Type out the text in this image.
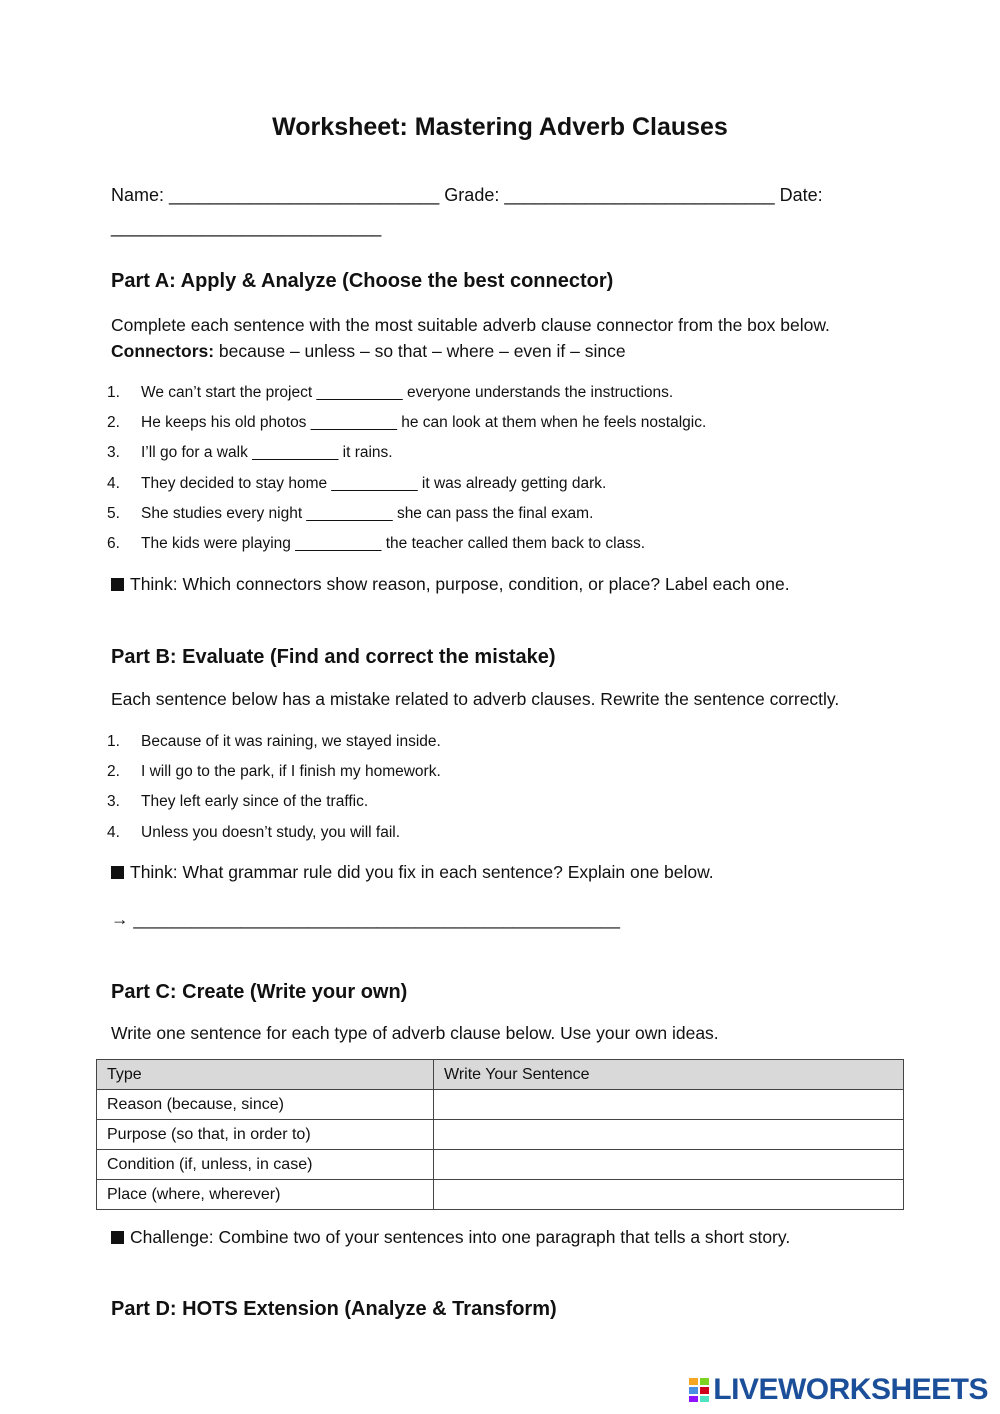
Worksheet: Mastering Adverb Clauses
Name: ___________________________ Grade: ___________________________ Date: ___________________________
Part A: Apply & Analyze (Choose the best connector)

Complete each sentence with the most suitable adverb clause connector from the box below.

Connectors: because – unless – so that – where – even if – since

1.	We can’t start the project __________ everyone understands the instructions.
2.	He keeps his old photos __________ he can look at them when he feels nostalgic.
3.	I’ll go for a walk __________ it rains.
4.	They decided to stay home __________ it was already getting dark.
5.	She studies every night __________ she can pass the final exam.
6.	The kids were playing __________ the teacher called them back to class.

Think: Which connectors show reason, purpose, condition, or place? Label each one.

Part B: Evaluate (Find and correct the mistake)

Each sentence below has a mistake related to adverb clauses. Rewrite the sentence correctly.

1.	Because of it was raining, we stayed inside.
2.	I will go to the park, if I finish my homework.
3.	They left early since of the traffic.
4.	Unless you doesn’t study, you will fail.

Think: What grammar rule did you fix in each sentence? Explain one below.

→ __________________________________________________

Part C: Create (Write your own)

Write one sentence for each type of adverb clause below. Use your own ideas.

Type	Write Your Sentence
Reason (because, since)	
Purpose (so that, in order to)	
Condition (if, unless, in case)	
Place (where, wherever)	

Challenge: Combine two of your sentences into one paragraph that tells a short story.

Part D: HOTS Extension (Analyze & Transform)
LIVEWORKSHEETS
